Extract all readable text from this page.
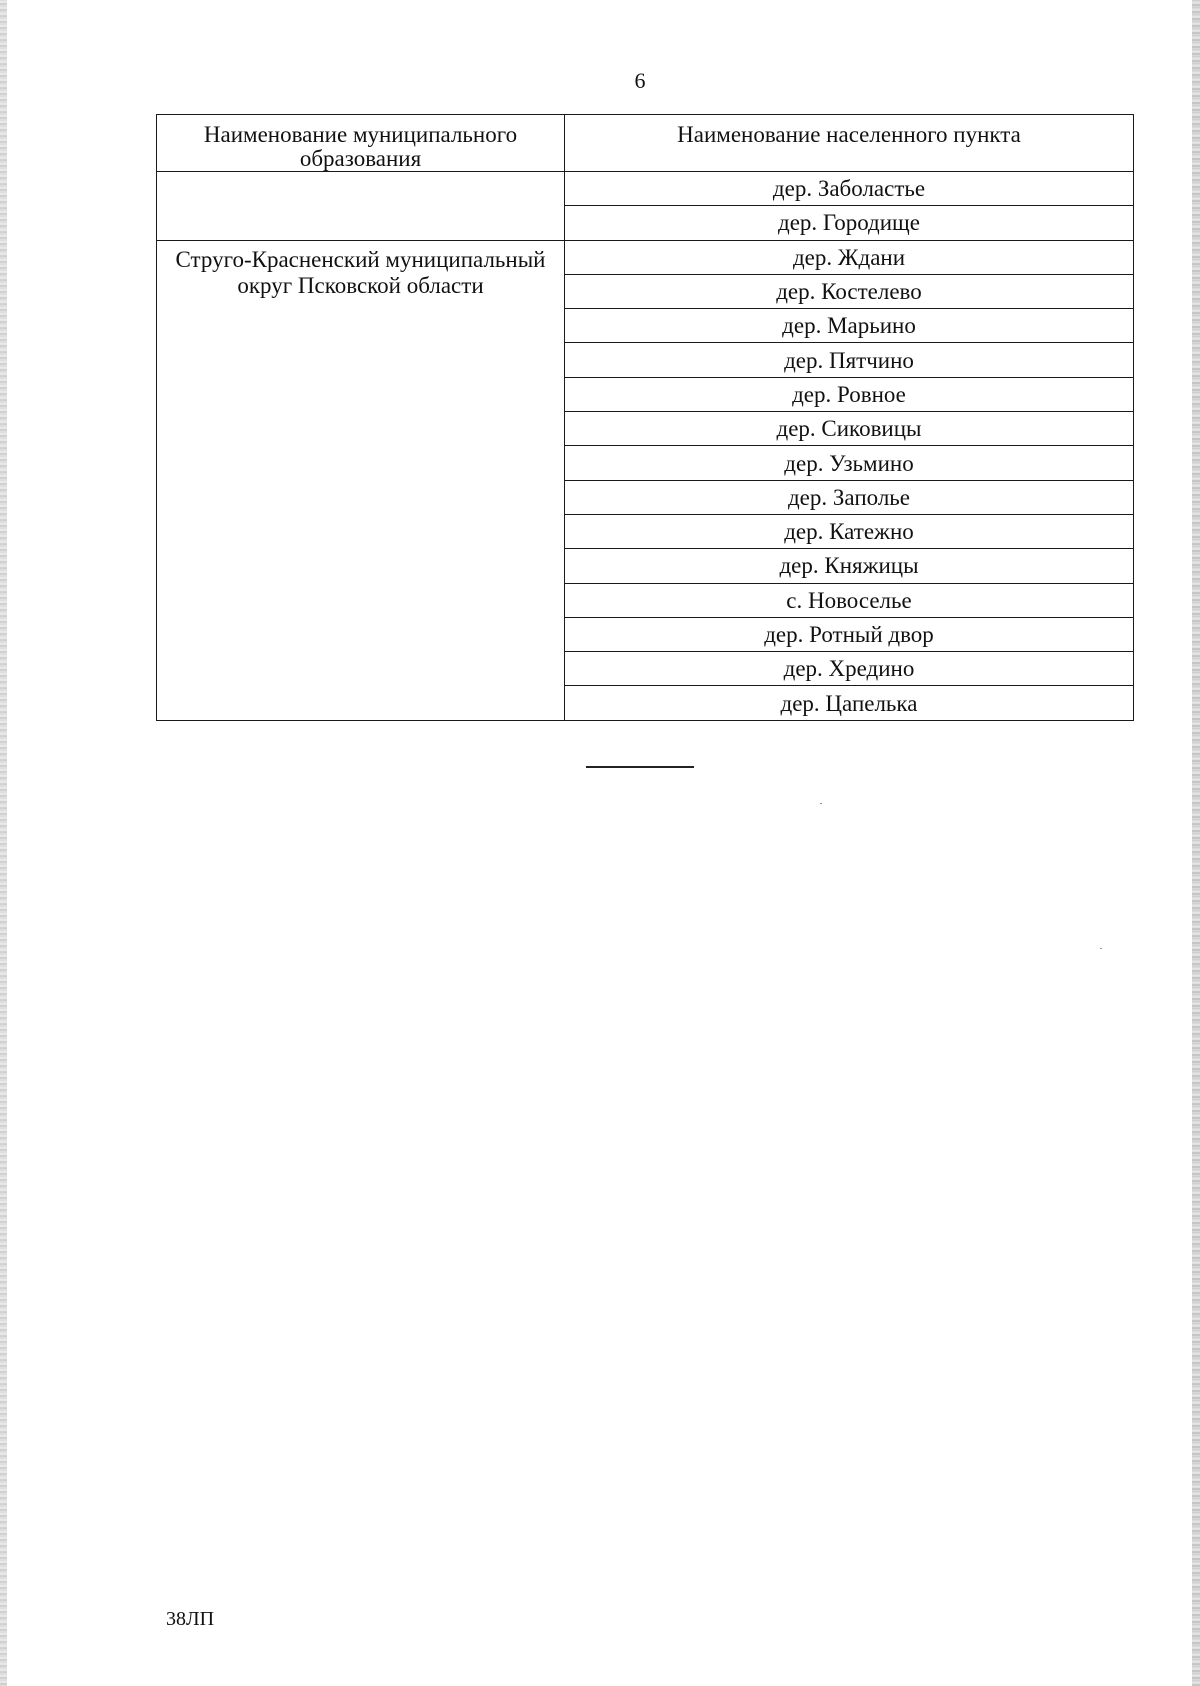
6
Наименование муниципального образования	Наименование населенного пункта
	дер. Заболастье
	дер. Городище
Струго-Красненский муниципальный округ Псковской области	дер. Ждани
	дер. Костелево
	дер. Марьино
	дер. Пятчино
	дер. Ровное
	дер. Сиковицы
	дер. Узьмино
	дер. Заполье
	дер. Катежно
	дер. Княжицы
	с. Новоселье
	дер. Ротный двор
	дер. Хредино
	дер. Цапелька
38ЛП
